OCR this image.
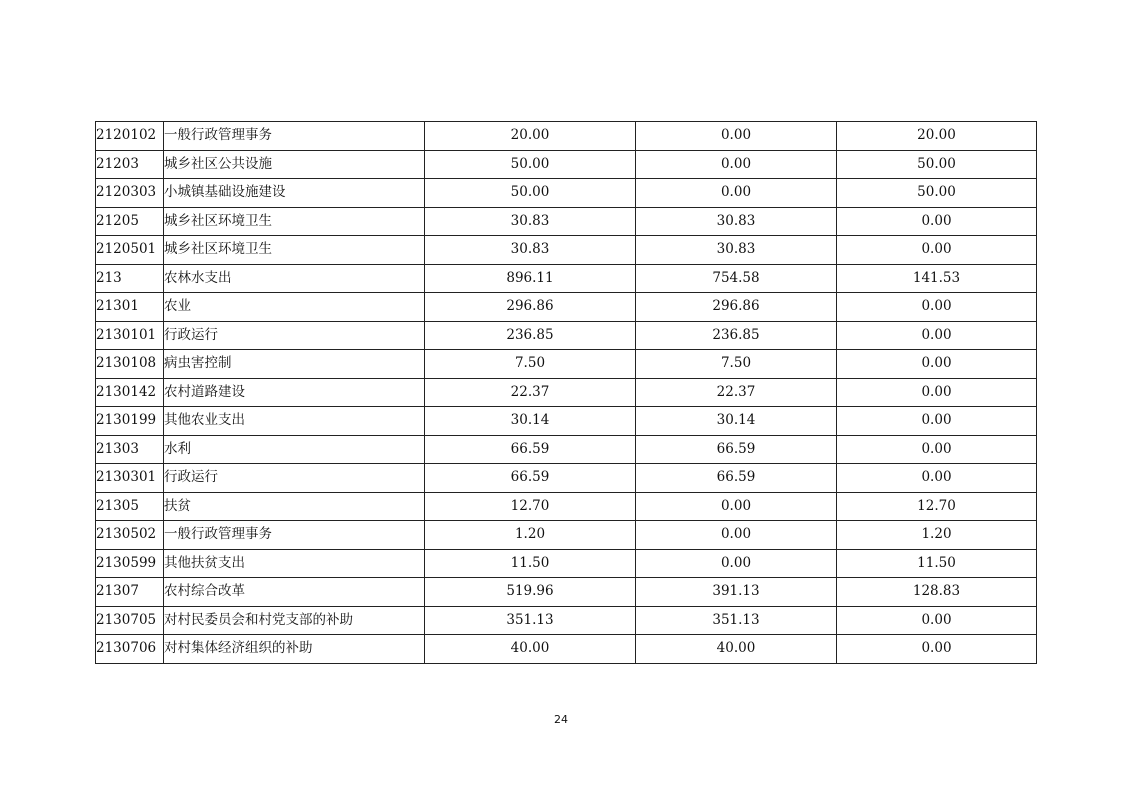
2120102	一般行政管理事务	20.00	0.00	20.00
21203	城乡社区公共设施	50.00	0.00	50.00
2120303	小城镇基础设施建设	50.00	0.00	50.00
21205	城乡社区环境卫生	30.83	30.83	0.00
2120501	城乡社区环境卫生	30.83	30.83	0.00
213	农林水支出	896.11	754.58	141.53
21301	农业	296.86	296.86	0.00
2130101	行政运行	236.85	236.85	0.00
2130108	病虫害控制	7.50	7.50	0.00
2130142	农村道路建设	22.37	22.37	0.00
2130199	其他农业支出	30.14	30.14	0.00
21303	水利	66.59	66.59	0.00
2130301	行政运行	66.59	66.59	0.00
21305	扶贫	12.70	0.00	12.70
2130502	一般行政管理事务	1.20	0.00	1.20
2130599	其他扶贫支出	11.50	0.00	11.50
21307	农村综合改革	519.96	391.13	128.83
2130705	对村民委员会和村党支部的补助	351.13	351.13	0.00
2130706	对村集体经济组织的补助	40.00	40.00	0.00
24
